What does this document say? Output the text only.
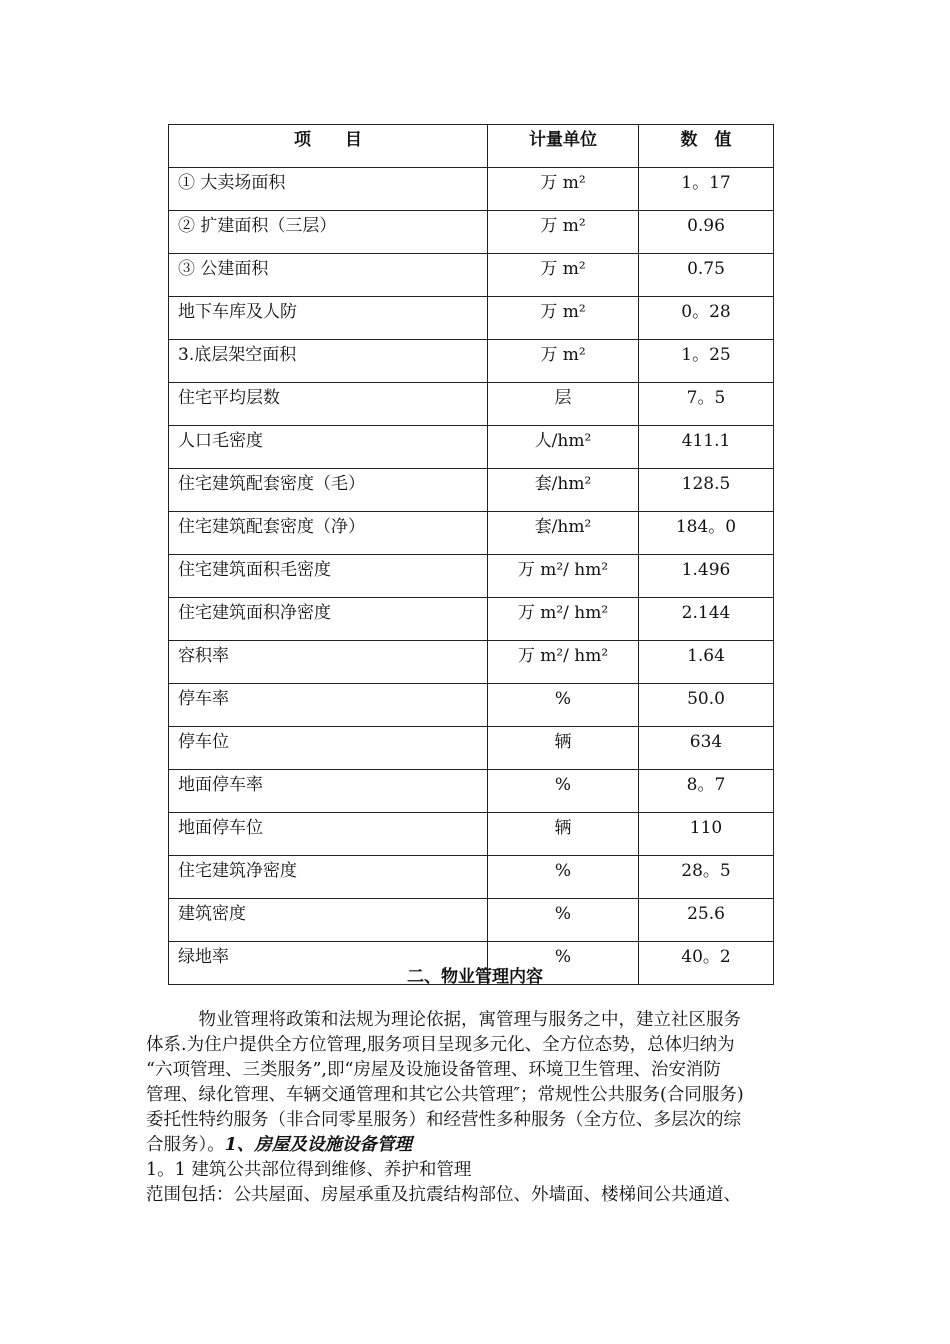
项　　目	计量单位	数　值
① 大卖场面积	万 m²	1。17
② 扩建面积（三层）	万 m²	0.96
③ 公建面积	万 m²	0.75
地下车库及人防	万 m²	0。28
3.底层架空面积	万 m²	1。25
住宅平均层数	层	7。5
人口毛密度	人/hm²	411.1
住宅建筑配套密度（毛）	套/hm²	128.5
住宅建筑配套密度（净）	套/hm²	184。0
住宅建筑面积毛密度	万 m²/ hm²	1.496
住宅建筑面积净密度	万 m²/ hm²	2.144
容积率	万 m²/ hm²	1.64
停车率	%	50.0
停车位	辆	634
地面停车率	%	8。7
地面停车位	辆	110
住宅建筑净密度	%	28。5
建筑密度	%	25.6
绿地率	%	40。2
二、物业管理内容
　　　物业管理将政策和法规为理论依据，寓管理与服务之中，建立社区服务
体系.为住户提供全方位管理,服务项目呈现多元化、全方位态势，总体归纳为
“六项管理、三类服务”,即“房屋及设施设备管理、环境卫生管理、治安消防
管理、绿化管理、车辆交通管理和其它公共管理″；常规性公共服务(合同服务)
委托性特约服务（非合同零星服务）和经营性多种服务（全方位、多层次的综
合服务）。1、房屋及设施设备管理
1。1 建筑公共部位得到维修、养护和管理
范围包括：公共屋面、房屋承重及抗震结构部位、外墙面、楼梯间公共通道、
